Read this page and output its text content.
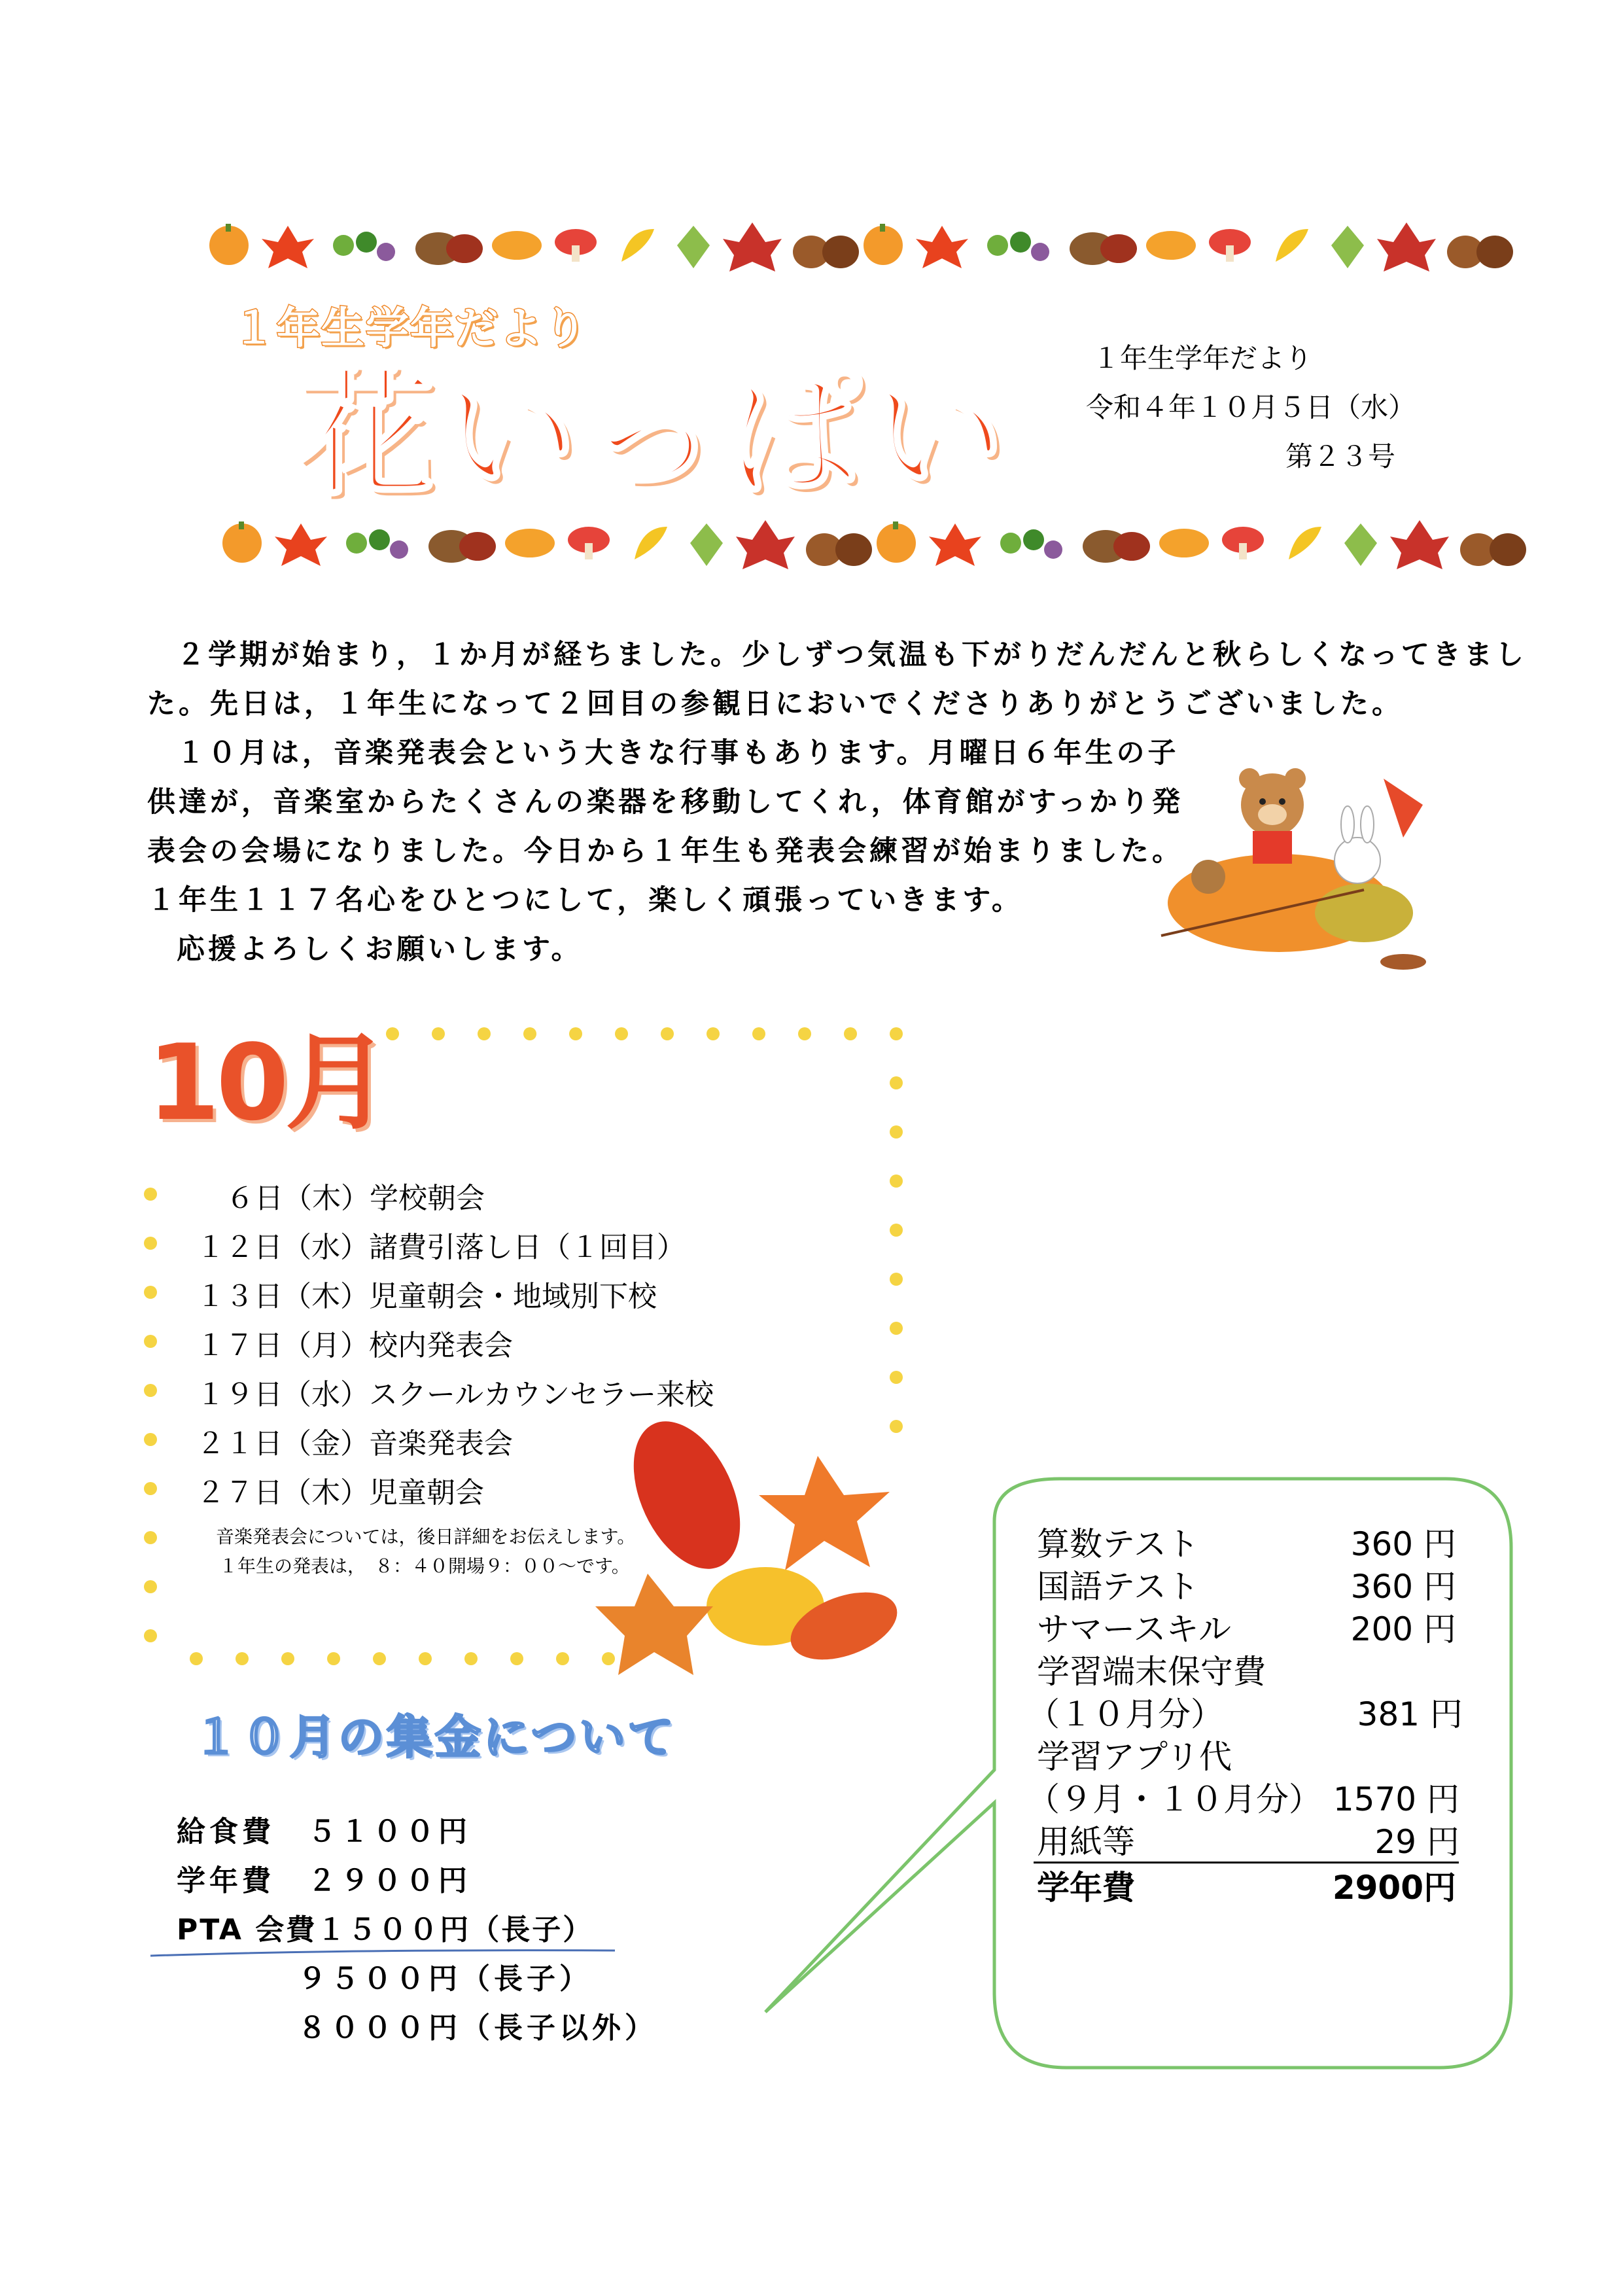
１年生学年だより
花いっぱい	１年生学年だより
令和４年１０月５日（水）
第２３号
２学期が始まり，１か月が経ちました。少しずつ気温も下がりだんだんと秋らしくなってきまし
た。先日は，１年生になって２回目の参観日においでくださりありがとうございました。
１０月は，音楽発表会という大きな行事もあります。月曜日６年生の子
供達が，音楽室からたくさんの楽器を移動してくれ，体育館がすっかり発
表会の会場になりました。今日から１年生も発表会練習が始まりました。
１年生１１７名心をひとつにして，楽しく頑張っていきます。
応援よろしくお願いします。
10月
６日（木）学校朝会
１２日（水）諸費引落し日（１回目）
１３日（木）児童朝会・地域別下校
１７日（月）校内発表会
１９日（水）スクールカウンセラー来校
２１日（金）音楽発表会
２７日（木）児童朝会
音楽発表会については，後日詳細をお伝えします。
１年生の発表は，　８：４０開場９：００〜です。
１０月の集金について
給食費　５１００円
学年費　２９００円
PTA 会費１５００円（長子）
９５００円（長子）
８０００円（長子以外）
算数テスト	360 円
国語テスト	360 円
サマースキル	200 円
学習端末保守費
（１０月分）	381 円
学習アプリ代
（９月・１０月分） 1570 円
用紙等	29 円
学年費	2900円
